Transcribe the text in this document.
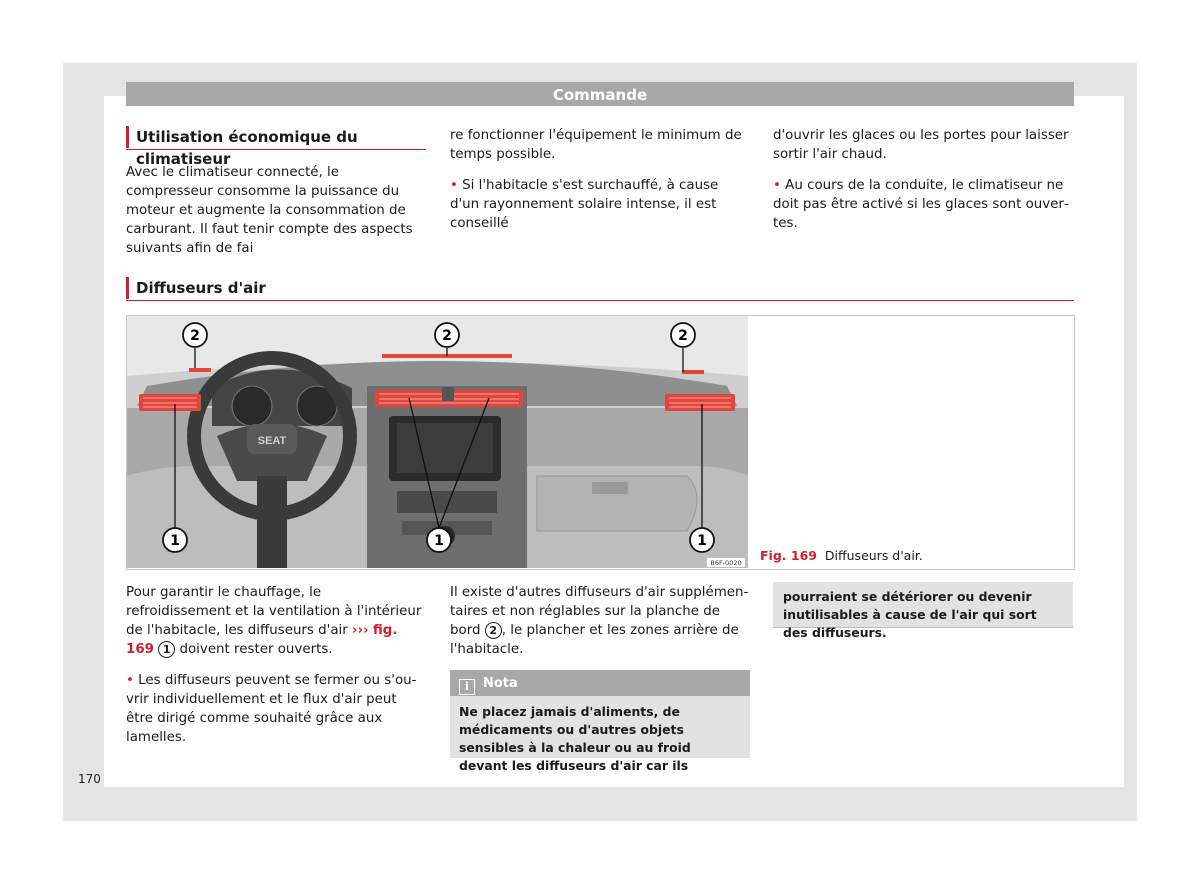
Commande
Utilisation économique du climatiseur

Avec le climatiseur connecté, le compresseur consomme la puissance du moteur et augmente la consommation de carburant. Il faut tenir compte des aspects suivants afin de fai

re fonctionner l'équipement le minimum de temps possible.

• Si l'habitacle s'est surchauffé, à cause d'un rayonnement solaire intense, il est conseillé

d'ouvrir les glaces ou les portes pour laisser sortir l'air chaud.

• Au cours de la conduite, le climatiseur ne doit pas être activé si les glaces sont ouvertes.

Diffuseurs d'air
SEAT
2	2	2
1	1	1
B6F-0020 Fig. 169 Diffuseurs d'air.

Pour garantir le chauffage, le refroidissement et la ventilation à l'intérieur de l'habitacle, les diffuseurs d'air ››› fig. 169 1 doivent rester ouverts.

• Les diffuseurs peuvent se fermer ou s'ouvrir individuellement et le flux d'air peut être dirigé comme souhaité grâce aux lamelles.

Il existe d'autres diffuseurs d'air supplémentaires et non réglables sur la planche de bord 2 , le plancher et les zones arrière de l'habitacle.

i Nota
Ne placez jamais d'aliments, de médicaments ou d'autres objets sensibles à la chaleur ou au froid devant les diffuseurs d'air car ils
pourraient se détériorer ou devenir inutilisables à cause de l'air qui sort des diffuseurs.
170
